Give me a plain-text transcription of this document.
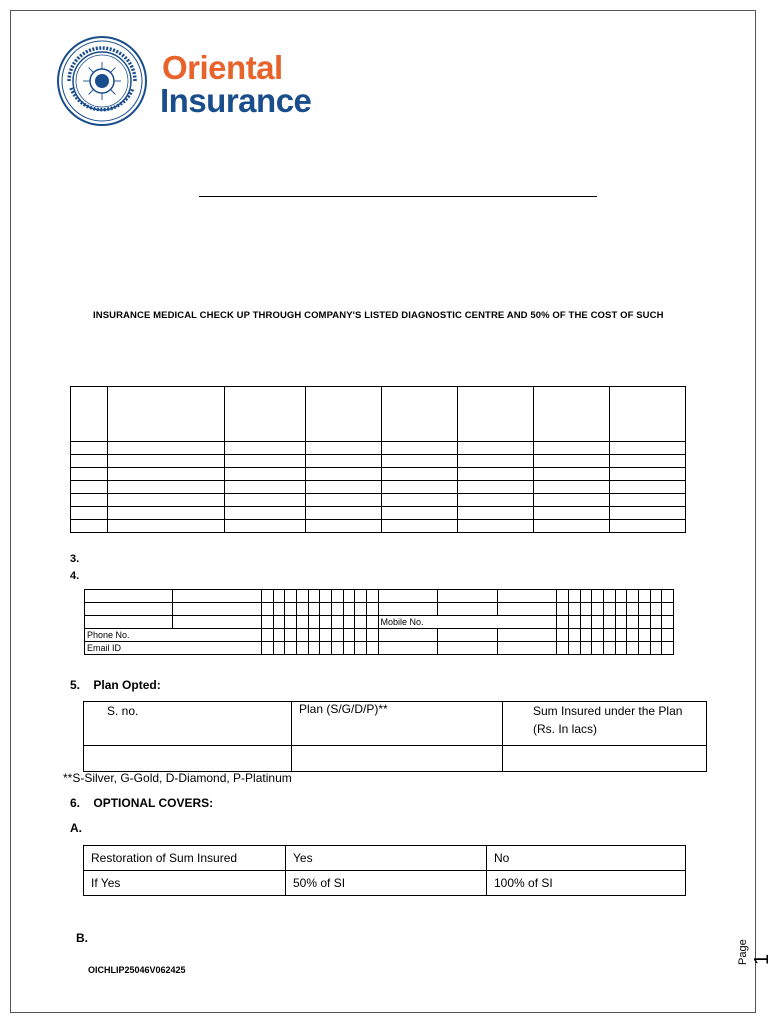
Oriental
Insurance
INSURANCE MEDICAL CHECK UP THROUGH COMPANY'S LISTED DIAGNOSTIC CENTRE AND 50% OF THE COST OF SUCH

3.
4.

												Mobile No.												
Phone No.																								
Email ID																								
5. Plan Opted:
S. no.	Plan (S/G/D/P)**	Sum Insured under the Plan
(Rs. In lacs)

**S-Silver, G-Gold, D-Diamond, P-Platinum
6. OPTIONAL COVERS:
A.
Restoration of Sum Insured	Yes	No
If Yes	50% of SI	100% of SI
B.
OICHLIP25046V062425
Page 1
